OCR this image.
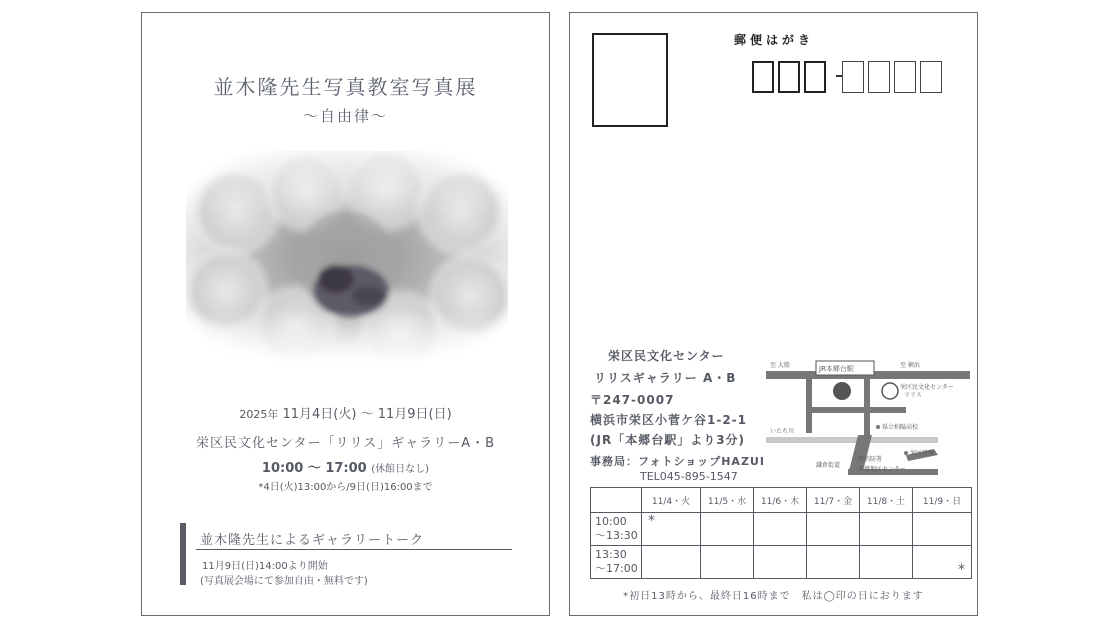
並木隆先生写真教室写真展
〜自由律〜
2025年 11月4日(火) 〜 11月9日(日)
栄区民文化センター「リリス」ギャラリーA・B
10:00 〜 17:00 (休館日なし)
*4日(火)13:00から/9日(日)16:00まで
並木隆先生によるギャラリートーク
11月9日(日)14:00より開始
(写真展会場にて参加自由・無料です)
郵便はがき
栄区民文化センター
リリスギャラリー A・B
〒247-0007
横浜市栄区小菅ケ谷1-2-1
(JR「本郷台駅」より3分)
事務局：フォトショップHAZUI
TEL045-895-1547
至 大船	JR本郷台駅	至 横浜
栄区民文化センター
リリス
県立柏陽高校
いたち川
栄区役所
栄消防署
鎌倉街道
本郷地区センター
	11/4・火	11/5・水	11/6・木	11/7・金	11/8・土	11/9・日

10:00
〜13:30	*					

13:30
〜17:00						*
*初日13時から、最終日16時まで　私は◯印の日におります
